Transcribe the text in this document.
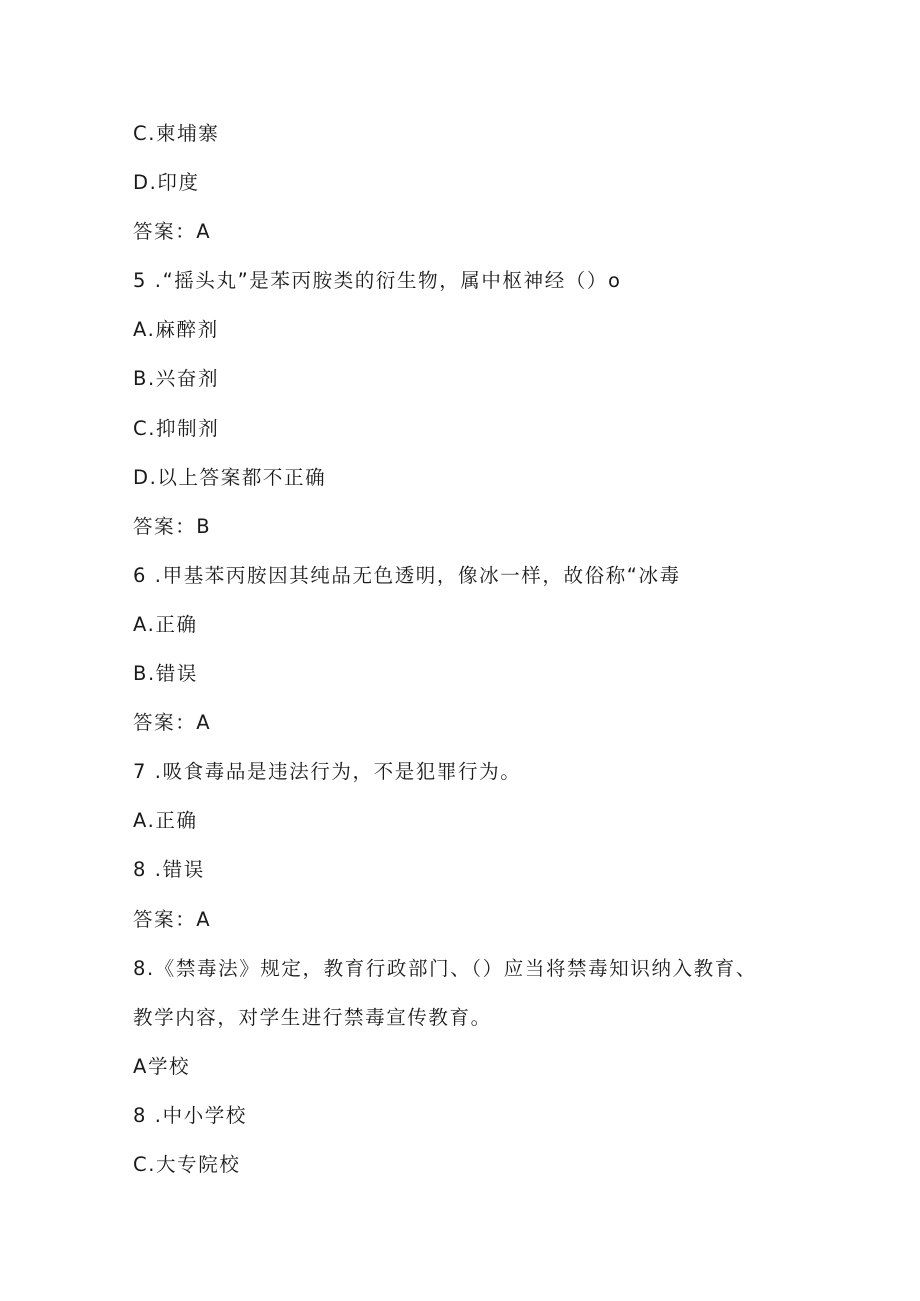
C.柬埔寨
D.印度
答案：A
5 .“摇头丸”是苯丙胺类的衍生物，属中枢神经（）o
A.麻醉剂
B.兴奋剂
C.抑制剂
D.以上答案都不正确
答案：B
6 .甲基苯丙胺因其纯品无色透明，像冰一样，故俗称“冰毒
A.正确
B.错误
答案：A
7 .吸食毒品是违法行为，不是犯罪行为。
A.正确
8 .错误
答案：A
8.《禁毒法》规定，教育行政部门、（）应当将禁毒知识纳入教育、
教学内容，对学生进行禁毒宣传教育。
A学校
8 .中小学校
C.大专院校
